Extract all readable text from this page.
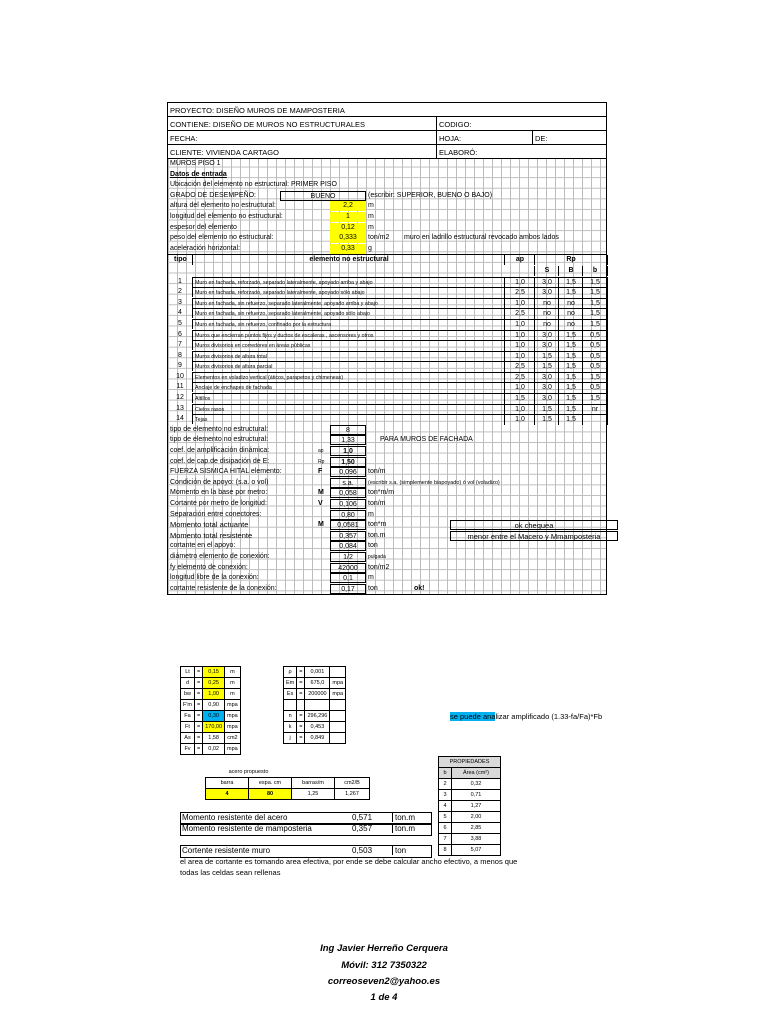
PROYECTO: DISEÑO MUROS DE MAMPOSTERIA
CONTIENE: DISEÑO DE MUROS NO ESTRUCTURALES	CODIGO:
FECHA:	HOJA:	DE:
CLIENTE: VIVIENDA CARTAGO	ELABORÓ:
MUROS PISO 1
Datos de entrada
Ubicación del elemento no estructural: PRIMER PISO
GRADO DE DESEMPEÑO:	BUENO	(escribir: SUPERIOR, BUENO O BAJO)
altura del elemento no estructural:	2,2	m
longitud del elemento no estructural:	1	m
espesor del elemento	0,12	m
peso del elemento no estructural:	0,333	ton/m2 muro en ladrillo estructural revocado ambos lados
aceleración horizontal:	0,33	g
tipo	elemento no estructural	ap	Rp
S	B	b
1	Muro en fachada, reforzado, separado lateralmente, apoyado arriba y abajo	1,0	3,0	1,5	1,5
2	Muro en fachada, reforzado, separado lateralmente, apoyado sólo abajo	2,5	3,0	1,5	1,5
3	Muro en fachada, sin refuerzo, separado lateralmente, apoyado arriba y abajo	1,0	no	no	1,5
4	Muro en fachada, sin refuerzo, separado lateralmente, apoyado sólo abajo	2,5	no	no	1,5
5	Muro en fachada, sin refuerzo, confinado por la estructura	1,0	no	no	1,5
6	Muros que encierran puntos fijos y ductos de escaleras , ascensores y otros	1,0	3,0	1,5	0,5
7	Muros divisorios en corredores en áreas públicas	1,0	3,0	1,5	0,5
8	Muros divisorios de altura total	1,0	1,5	1,5	0,5
9	Muros divisorios de altura parcial	2,5	1,5	1,5	0,5
10	Elementos en voladizo vertical (áticos, parapetos y chimeneas)	2,5	3,0	1,5	1,5
11	Anclaje de enchapes de fachada	1,0	3,0	1,5	0,5
12	Altillos	1,5	3,0	1,5	1,5
13	Cielos rasos	1,0	1,5	1,5	nr
14	Tejas	1,0	1,5	1,5
tipo de elemento no estructural:	8
tipo de elemento no estructural:	1,33	PARA MUROS DE FACHADA
coef. de amplificación dinámica:	ap	1,0
coef. de cap.de disipación de E:	Rp	1,50
FUERZA SISMICA HITAL elemento:	F	0,096	ton/m
Condición de apoyo: (s.a. o vol)	s.a.	(escribir s.a. (simplemente biapoyado) ó vol (voladizo)
Momento en la base por metro:	M	0,058	ton*m/m
Cortante por metro de longitud:	V	0,106	ton/m
Separación entre conectores:	0,80	m
Momento total actuante	M	0,0581	ton*m	ok chequea
Momento total resistente	0,357	ton.m	menor entre el Macero y Mmamposteria
cortante en el apoyo:	0,084	ton
diámetro elemento de conexión:	1/2	pulgada
fy elemento de conexión:	42000	ton/m2
longitud libre de la conexión:	0,1	m
cortante resistente de la conexión:	0,17	ton	ok!
Lt	=	0,15	m
d	=	0,25	m
bw	=	1,00	m
F'm	=	0,90	mpa
Fa	=	0,30	mpa
Ft	=	170,00	mpa
As	=	1,58	cm2
Fv	=	0,02	mpa
ρ	=	0,001	
Em	=	675,0	mpa
Es	=	200000	mpa

n	=	296,296	
k	=	0,453	
j	=	0,849	
se puede analizar amplificado (1.33-fa/Fa)*Fb
acero propuesto			
barra	espa. cm	barras/m	cm2/B
4	80	1,25	1,267
Momento resistente del acero	0,571	ton.m
Momento resistente de mamposteria	0,357	ton.m
Cortente resistente muro	0,503	ton
el area de cortante es tomando area efectiva, por ende se debe calcular ancho efectivo, a menos que
todas las celdas sean rellenas
PROPIEDADES	
b	Área (cm²)
2	0,32
3	0,71
4	1,27
5	2,00
6	2,85
7	3,88
8	5,07
Ing Javier Herreño Cerquera
Móvil: 312 7350322
correoseven2@yahoo.es
1 de 4
